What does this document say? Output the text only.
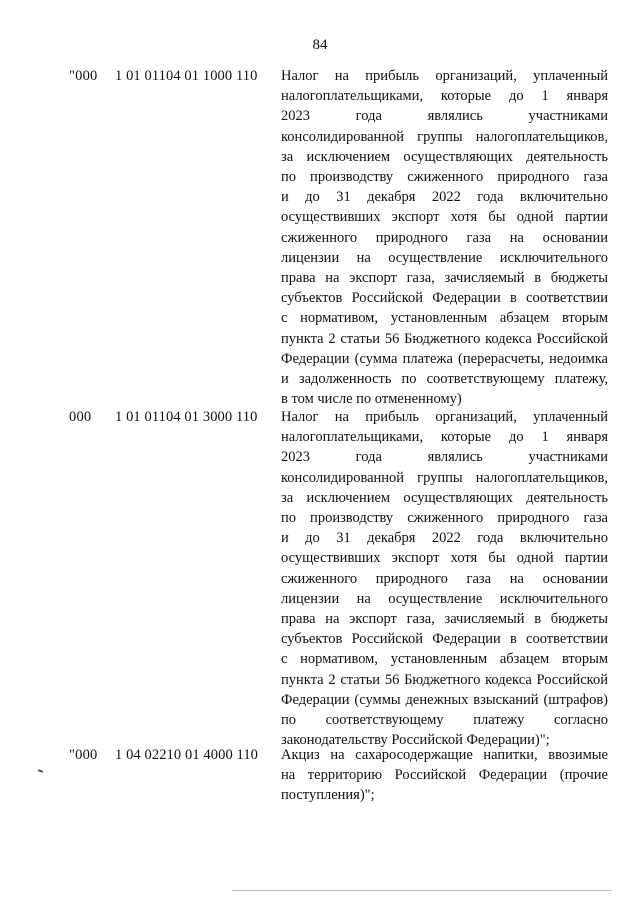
84
"000 1 01 01104 01 1000 110 Налог на прибыль организаций, уплаченный
налогоплательщиками, которые до 1 января
2023 года являлись участниками
консолидированной группы налогоплательщиков,
за исключением осуществляющих деятельность
по производству сжиженного природного газа
и до 31 декабря 2022 года включительно
осуществивших экспорт хотя бы одной партии
сжиженного природного газа на основании
лицензии на осуществление исключительного
права на экспорт газа, зачисляемый в бюджеты
субъектов Российской Федерации в соответствии
с нормативом, установленным абзацем вторым
пункта 2 статьи 56 Бюджетного кодекса Российской
Федерации (сумма платежа (перерасчеты, недоимка
и задолженность по соответствующему платежу,
в том числе по отмененному)

000 1 01 01104 01 3000 110 Налог на прибыль организаций, уплаченный
налогоплательщиками, которые до 1 января
2023 года являлись участниками
консолидированной группы налогоплательщиков,
за исключением осуществляющих деятельность
по производству сжиженного природного газа
и до 31 декабря 2022 года включительно
осуществивших экспорт хотя бы одной партии
сжиженного природного газа на основании
лицензии на осуществление исключительного
права на экспорт газа, зачисляемый в бюджеты
субъектов Российской Федерации в соответствии
с нормативом, установленным абзацем вторым
пункта 2 статьи 56 Бюджетного кодекса Российской
Федерации (суммы денежных взысканий (штрафов)
по соответствующему платежу согласно
законодательству Российской Федерации)";

"000 1 04 02210 01 4000 110 Акциз на сахаросодержащие напитки, ввозимые
на территорию Российской Федерации (прочие
поступления)";
